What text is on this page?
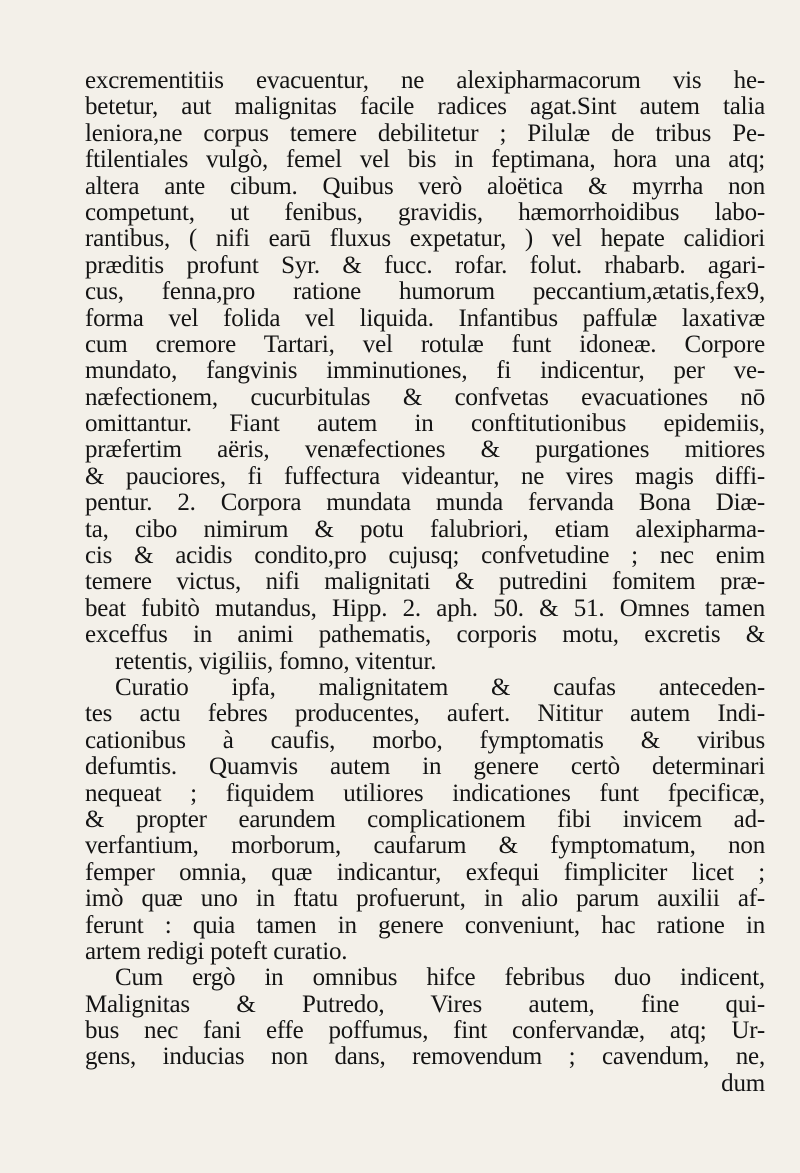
excrementitiis evacuentur, ne alexipharmacorum vis he-
betetur, aut malignitas facile radices agat.Sint autem talia
leniora,ne corpus temere debilitetur ; Pilulæ de tribus Pe-
ftilentiales vulgò, femel vel bis in feptimana, hora una atq;
altera ante cibum. Quibus verò aloëtica & myrrha non
competunt, ut fenibus, gravidis, hæmorrhoidibus labo-
rantibus, ( nifi earū fluxus expetatur, ) vel hepate calidiori
præditis profunt Syr. & fucc. rofar. folut. rhabarb. agari-
cus, fenna,pro ratione humorum peccantium,ætatis,fex9,
forma vel folida vel liquida. Infantibus paffulæ laxativæ
cum cremore Tartari, vel rotulæ funt idoneæ. Corpore
mundato, fangvinis imminutiones, fi indicentur, per ve-
næfectionem, cucurbitulas & confvetas evacuationes nō
omittantur. Fiant autem in conftitutionibus epidemiis,
præfertim aëris, venæfectiones & purgationes mitiores
& pauciores, fi fuffectura videantur, ne vires magis diffi-
pentur. 2. Corpora mundata munda fervanda Bona Diæ-
ta, cibo nimirum & potu falubriori, etiam alexipharma-
cis & acidis condito,pro cujusq; confvetudine ; nec enim
temere victus, nifi malignitati & putredini fomitem præ-
beat fubitò mutandus, Hipp. 2. aph. 50. & 51. Omnes tamen
exceffus in animi pathematis, corporis motu, excretis &
retentis, vigiliis, fomno, vitentur.
Curatio ipfa, malignitatem & caufas anteceden-
tes actu febres producentes, aufert. Nititur autem Indi-
cationibus à caufis, morbo, fymptomatis & viribus
defumtis. Quamvis autem in genere certò determinari
nequeat ; fiquidem utiliores indicationes funt fpecificæ,
& propter earundem complicationem fibi invicem ad-
verfantium, morborum, caufarum & fymptomatum, non
femper omnia, quæ indicantur, exfequi fimpliciter licet ;
imò quæ uno in ftatu profuerunt, in alio parum auxilii af-
ferunt : quia tamen in genere conveniunt, hac ratione in
artem redigi poteft curatio.
Cum ergò in omnibus hifce febribus duo indicent,
Malignitas & Putredo, Vires autem, fine qui-
bus nec fani effe poffumus, fint confervandæ, atq; Ur-
gens, inducias non dans, removendum ; cavendum, ne,
dum
